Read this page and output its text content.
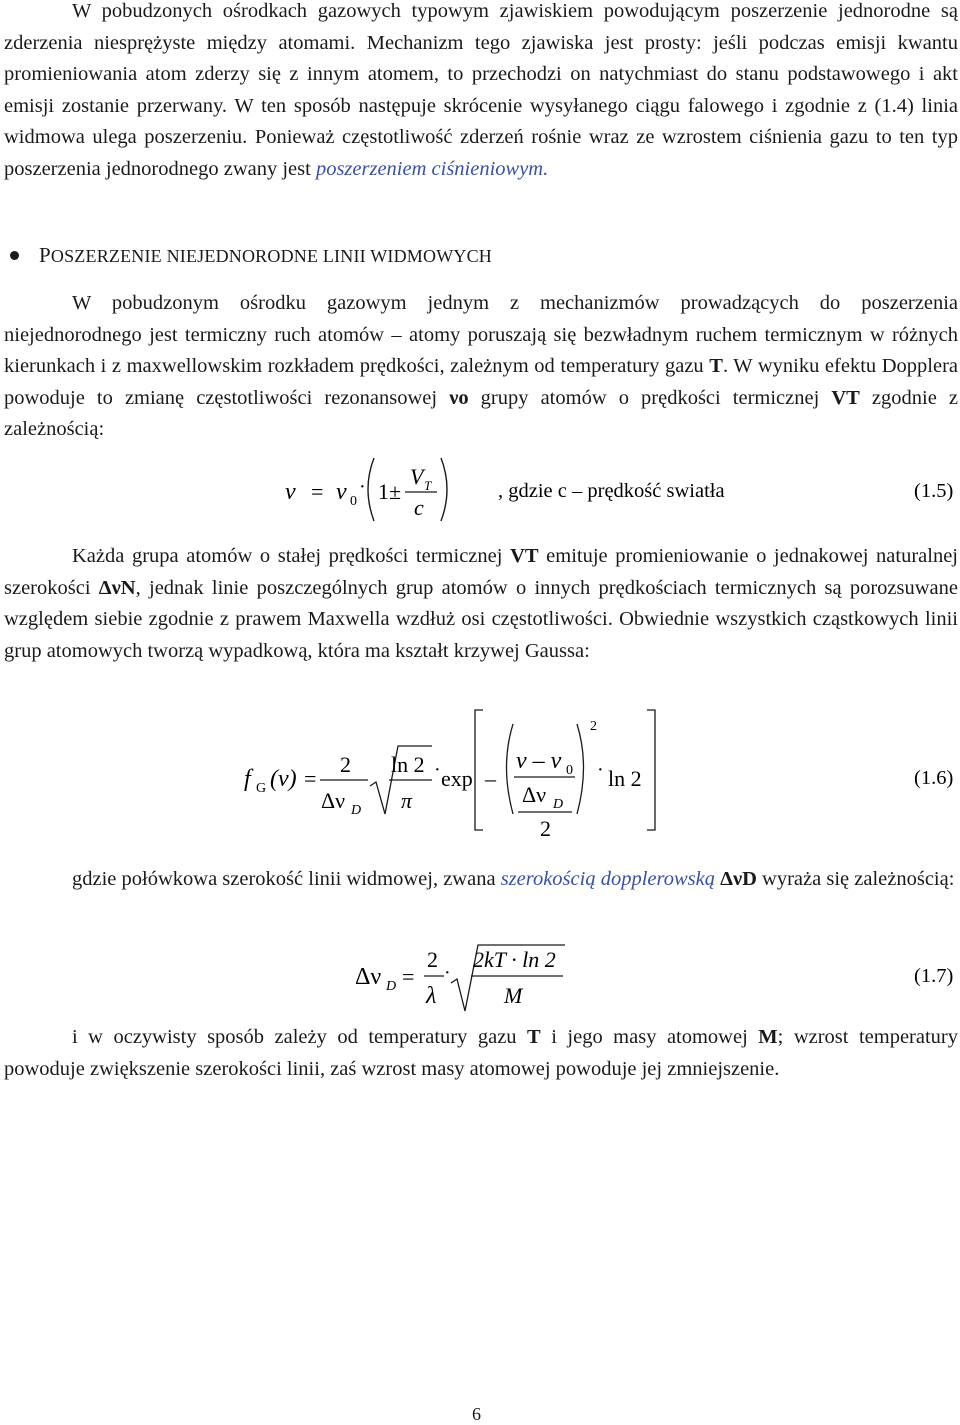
W pobudzonych ośrodkach gazowych typowym zjawiskiem powodującym poszerzenie jednorodne są zderzenia niesprężyste między atomami. Mechanizm tego zjawiska jest prosty: jeśli podczas emisji kwantu promieniowania atom zderzy się z innym atomem, to przechodzi on natychmiast do stanu podstawowego i akt emisji zostanie przerwany. W ten sposób następuje skrócenie wysyłanego ciągu falowego i zgodnie z (1.4) linia widmowa ulega poszerzeniu. Ponieważ częstotliwość zderzeń rośnie wraz ze wzrostem ciśnienia gazu to ten typ poszerzenia jednorodnego zwany jest poszerzeniem ciśnieniowym.

POSZERZENIE NIEJEDNORODNE LINII WIDMOWYCH

W pobudzonym ośrodku gazowym jednym z mechanizmów prowadzących do poszerzenia niejednorodnego jest termiczny ruch atomów – atomy poruszają się bezwładnym ruchem termicznym w różnych kierunkach i z maxwellowskim rozkładem prędkości, zależnym od temperatury gazu T. W wyniku efektu Dopplera powoduje to zmianę częstotliwości rezonansowej νo grupy atomów o prędkości termicznej VT zgodnie z zależnością:

ν = ν 0
· 1±
V T
c
, gdzie c – prędkość swiatła	(1.5)

Każda grupa atomów o stałej prędkości termicznej VT emituje promieniowanie o jednakowej naturalnej szerokości ΔνN, jednak linie poszczególnych grup atomów o innych prędkościach termicznych są porozsuwane względem siebie zgodnie z prawem Maxwella wzdłuż osi częstotliwości. Obwiednie wszystkich cząstkowych linii grup atomowych tworzą wypadkową, która ma kształt krzywej Gaussa:

f G (ν) =
2
Δν D
ln 2
π
· exp –
ν – ν 0
Δν D
2
2
· ln 2	(1.6)

gdzie połówkowa szerokość linii widmowej, zwana szerokością dopplerowską ΔνD wyraża się zależnością:

Δν D =
2
λ
·
2kT · ln 2
M
(1.7)

i w oczywisty sposób zależy od temperatury gazu T i jego masy atomowej M; wzrost temperatury powoduje zwiększenie szerokości linii, zaś wzrost masy atomowej powoduje jej zmniejszenie.

6
